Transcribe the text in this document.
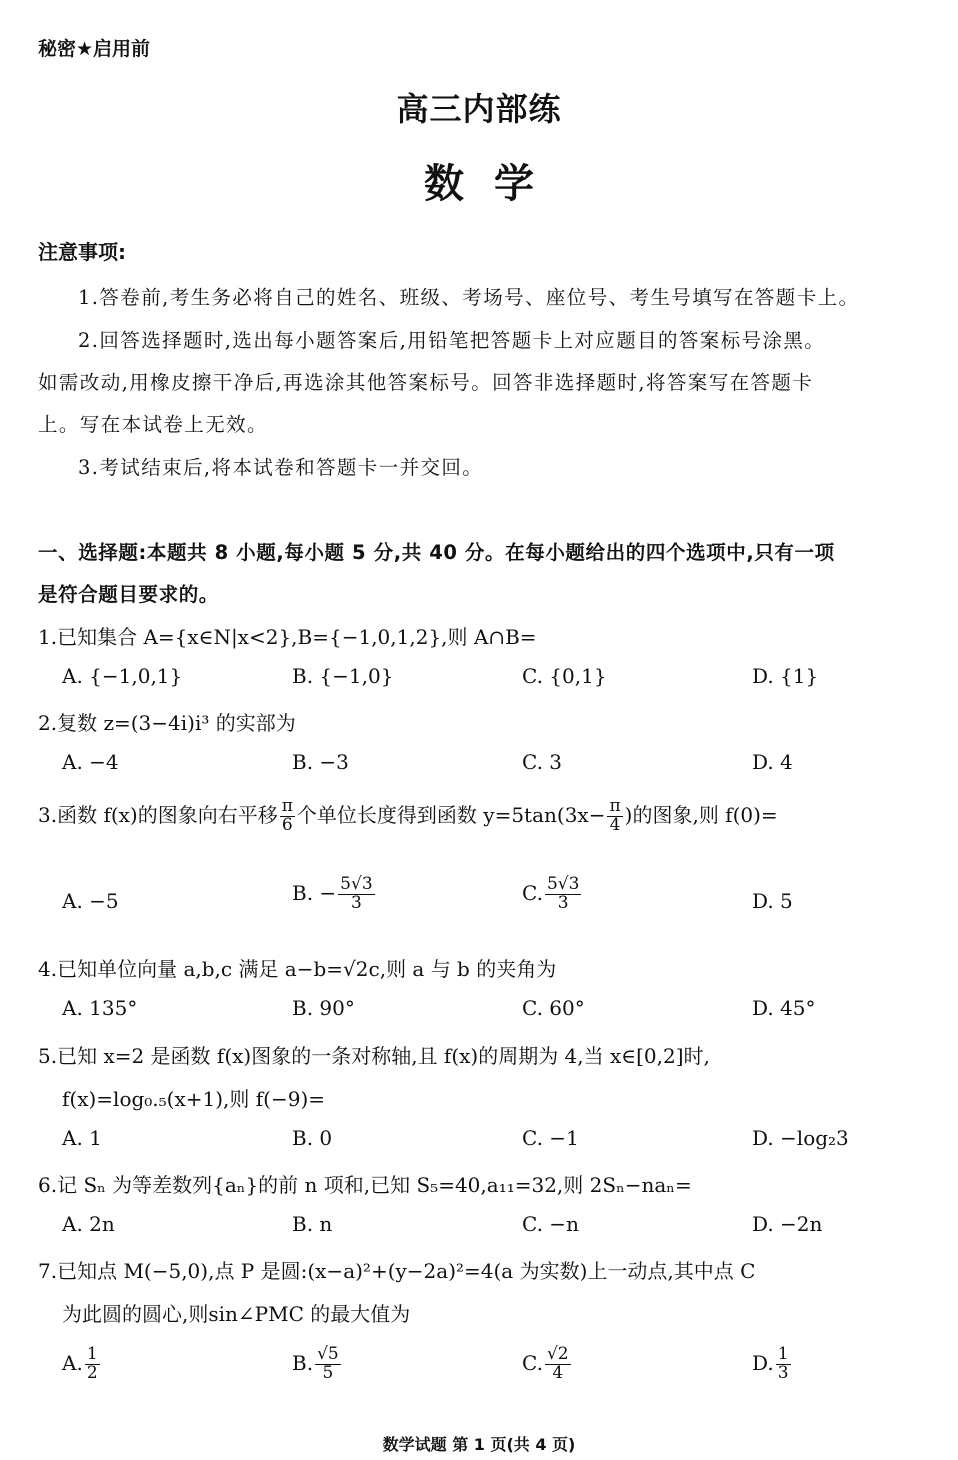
秘密★启用前
高三内部练
数学
注意事项:
1.答卷前,考生务必将自己的姓名、班级、考场号、座位号、考生号填写在答题卡上。
2.回答选择题时,选出每小题答案后,用铅笔把答题卡上对应题目的答案标号涂黑。
如需改动,用橡皮擦干净后,再选涂其他答案标号。回答非选择题时,将答案写在答题卡
上。写在本试卷上无效。
3.考试结束后,将本试卷和答题卡一并交回。
一、选择题:本题共 8 小题,每小题 5 分,共 40 分。在每小题给出的四个选项中,只有一项
是符合题目要求的。
1.已知集合 A={x∈N|x<2},B={−1,0,1,2},则 A∩B=
A. {−1,0,1}	B. {−1,0}	C. {0,1}	D. {1}
2.复数 z=(3−4i)i³ 的实部为
A. −4	B. −3	C. 3	D. 4
3.函数 f(x)的图象向右平移 $\frac{\pi}{6}$ 个单位长度得到函数 $y=5\tan(3x- \frac{\pi}{4}$ )的图象,则 f(0)=
A. −5	B. − $\frac{5√3}{3}$	C. $\frac{5√3}{3}$	D. 5
4.已知单位向量 a,b,c 满足 a−b=√2c,则 a 与 b 的夹角为
A. 135°	B. 90°	C. 60°	D. 45°
5.已知 x=2 是函数 f(x)图象的一条对称轴,且 f(x)的周期为 4,当 x∈[0,2]时,
f(x)=log₀.₅(x+1),则 f(−9)=
A. 1	B. 0	C. −1	D. −log₂3
6.记 Sₙ 为等差数列{aₙ}的前 n 项和,已知 S₅=40,a₁₁=32,则 2Sₙ−naₙ=
A. 2n	B. n	C. −n	D. −2n
7.已知点 M(−5,0),点 P 是圆:(x−a)²+(y−2a)²=4(a 为实数)上一动点,其中点 C
为此圆的圆心,则sin∠PMC 的最大值为
A. $\frac{1}{2}$	B. $\frac{√5}{5}$	C. $\frac{√2}{4}$	D. $\frac{1}{3}$
数学试题 第 1 页(共 4 页)
